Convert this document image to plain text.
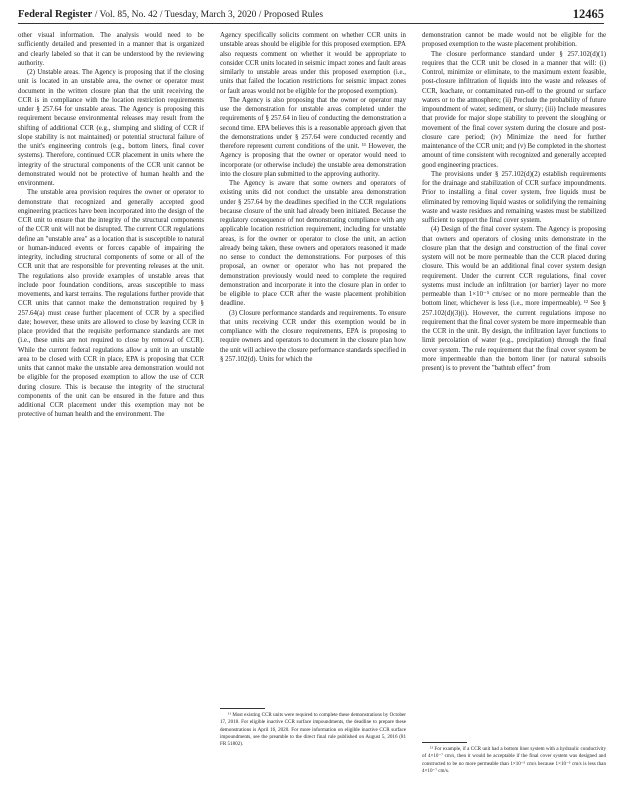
Federal Register / Vol. 85, No. 42 / Tuesday, March 3, 2020 / Proposed Rules	12465

other visual information. The analysis would need to be sufficiently detailed and presented in a manner that is organized and clearly labeled so that it can be understood by the reviewing authority.

(2) Unstable areas. The Agency is proposing that if the closing unit is located in an unstable area, the owner or operator must document in the written closure plan that the unit receiving the CCR is in compliance with the location restriction requirements under § 257.64 for unstable areas. The Agency is proposing this requirement because environmental releases may result from the shifting of additional CCR (e.g., slumping and sliding of CCR if slope stability is not maintained) or potential structural failure of the unit's engineering controls (e.g., bottom liners, final cover systems). Therefore, continued CCR placement in units where the integrity of the structural components of the CCR unit cannot be demonstrated would not be protective of human health and the environment.

The unstable area provision requires the owner or operator to demonstrate that recognized and generally accepted good engineering practices have been incorporated into the design of the CCR unit to ensure that the integrity of the structural components of the CCR unit will not be disrupted. The current CCR regulations define an "unstable area" as a location that is susceptible to natural or human-induced events or forces capable of impairing the integrity, including structural components of some or all of the CCR unit that are responsible for preventing releases at the unit. The regulations also provide examples of unstable areas that include poor foundation conditions, areas susceptible to mass movements, and karst terrains. The regulations further provide that CCR units that cannot make the demonstration required by § 257.64(a) must cease further placement of CCR by a specified date; however, these units are allowed to close by leaving CCR in place provided that the requisite performance standards are met (i.e., these units are not required to close by removal of CCR). While the current federal regulations allow a unit in an unstable area to be closed with CCR in place, EPA is proposing that CCR units that cannot make the unstable area demonstration would not be eligible for the proposed exemption to allow the use of CCR during closure. This is because the integrity of the structural components of the unit can be ensured in the future and thus additional CCR placement under this exemption may not be protective of human health and the environment. The

Agency specifically solicits comment on whether CCR units in unstable areas should be eligible for this proposed exemption. EPA also requests comment on whether it would be appropriate to consider CCR units located in seismic impact zones and fault areas similarly to unstable areas under this proposed exemption (i.e., units that failed the location restrictions for seismic impact zones or fault areas would not be eligible for the proposed exemption).

The Agency is also proposing that the owner or operator may use the demonstration for unstable areas completed under the requirements of § 257.64 in lieu of conducting the demonstration a second time. EPA believes this is a reasonable approach given that the demonstrations under § 257.64 were conducted recently and therefore represent current conditions of the unit. ¹¹ However, the Agency is proposing that the owner or operator would need to incorporate (or otherwise include) the unstable area demonstration into the closure plan submitted to the approving authority.

The Agency is aware that some owners and operators of existing units did not conduct the unstable area demonstration under § 257.64 by the deadlines specified in the CCR regulations because closure of the unit had already been initiated. Because the regulatory consequence of not demonstrating compliance with any applicable location restriction requirement, including for unstable areas, is for the owner or operator to close the unit, an action already being taken, these owners and operators reasoned it made no sense to conduct the demonstrations. For purposes of this proposal, an owner or operator who has not prepared the demonstration previously would need to complete the required demonstration and incorporate it into the closure plan in order to be eligible to place CCR after the waste placement prohibition deadline.

(3) Closure performance standards and requirements. To ensure that units receiving CCR under this exemption would be in compliance with the closure requirements, EPA is proposing to require owners and operators to document in the closure plan how the unit will achieve the closure performance standards specified in § 257.102(d). Units for which the

¹¹ Most existing CCR units were required to complete these demonstrations by October 17, 2018. For eligible inactive CCR surface impoundments, the deadline to prepare these demonstrations is April 16, 2020. For more information on eligible inactive CCR surface impoundments, see the preamble to the direct final rule published on August 5, 2016 (81 FR 51802).

demonstration cannot be made would not be eligible for the proposed exemption to the waste placement prohibition.

The closure performance standard under § 257.102(d)(1) requires that the CCR unit be closed in a manner that will: (i) Control, minimize or eliminate, to the maximum extent feasible, post-closure infiltration of liquids into the waste and releases of CCR, leachate, or contaminated run-off to the ground or surface waters or to the atmosphere; (ii) Preclude the probability of future impoundment of water, sediment, or slurry; (iii) Include measures that provide for major slope stability to prevent the sloughing or movement of the final cover system during the closure and post-closure care period; (iv) Minimize the need for further maintenance of the CCR unit; and (v) Be completed in the shortest amount of time consistent with recognized and generally accepted good engineering practices.

The provisions under § 257.102(d)(2) establish requirements for the drainage and stabilization of CCR surface impoundments. Prior to installing a final cover system, free liquids must be eliminated by removing liquid wastes or solidifying the remaining waste and waste residues and remaining wastes must be stabilized sufficient to support the final cover system.

(4) Design of the final cover system. The Agency is proposing that owners and operators of closing units demonstrate in the closure plan that the design and construction of the final cover system will not be more permeable than the CCR placed during closure. This would be an additional final cover system design requirement. Under the current CCR regulations, final cover systems must include an infiltration (or barrier) layer no more permeable than 1×10⁻⁵ cm/sec or no more permeable than the bottom liner, whichever is less (i.e., more impermeable). ¹² See § 257.102(d)(3)(i). However, the current regulations impose no requirement that the final cover system be more impermeable than the CCR in the unit. By design, the infiltration layer functions to limit percolation of water (e.g., precipitation) through the final cover system. The rule requirement that the final cover system be more impermeable than the bottom liner (or natural subsoils present) is to prevent the "bathtub effect" from

¹² For example, if a CCR unit had a bottom liner system with a hydraulic conductivity of 4×10⁻⁷ cm/s, then it would be acceptable if the final cover system was designed and constructed to be no more permeable than 1×10⁻⁵ cm/s because 1×10⁻⁵ cm/s is less than 4×10⁻⁷ cm/s.
